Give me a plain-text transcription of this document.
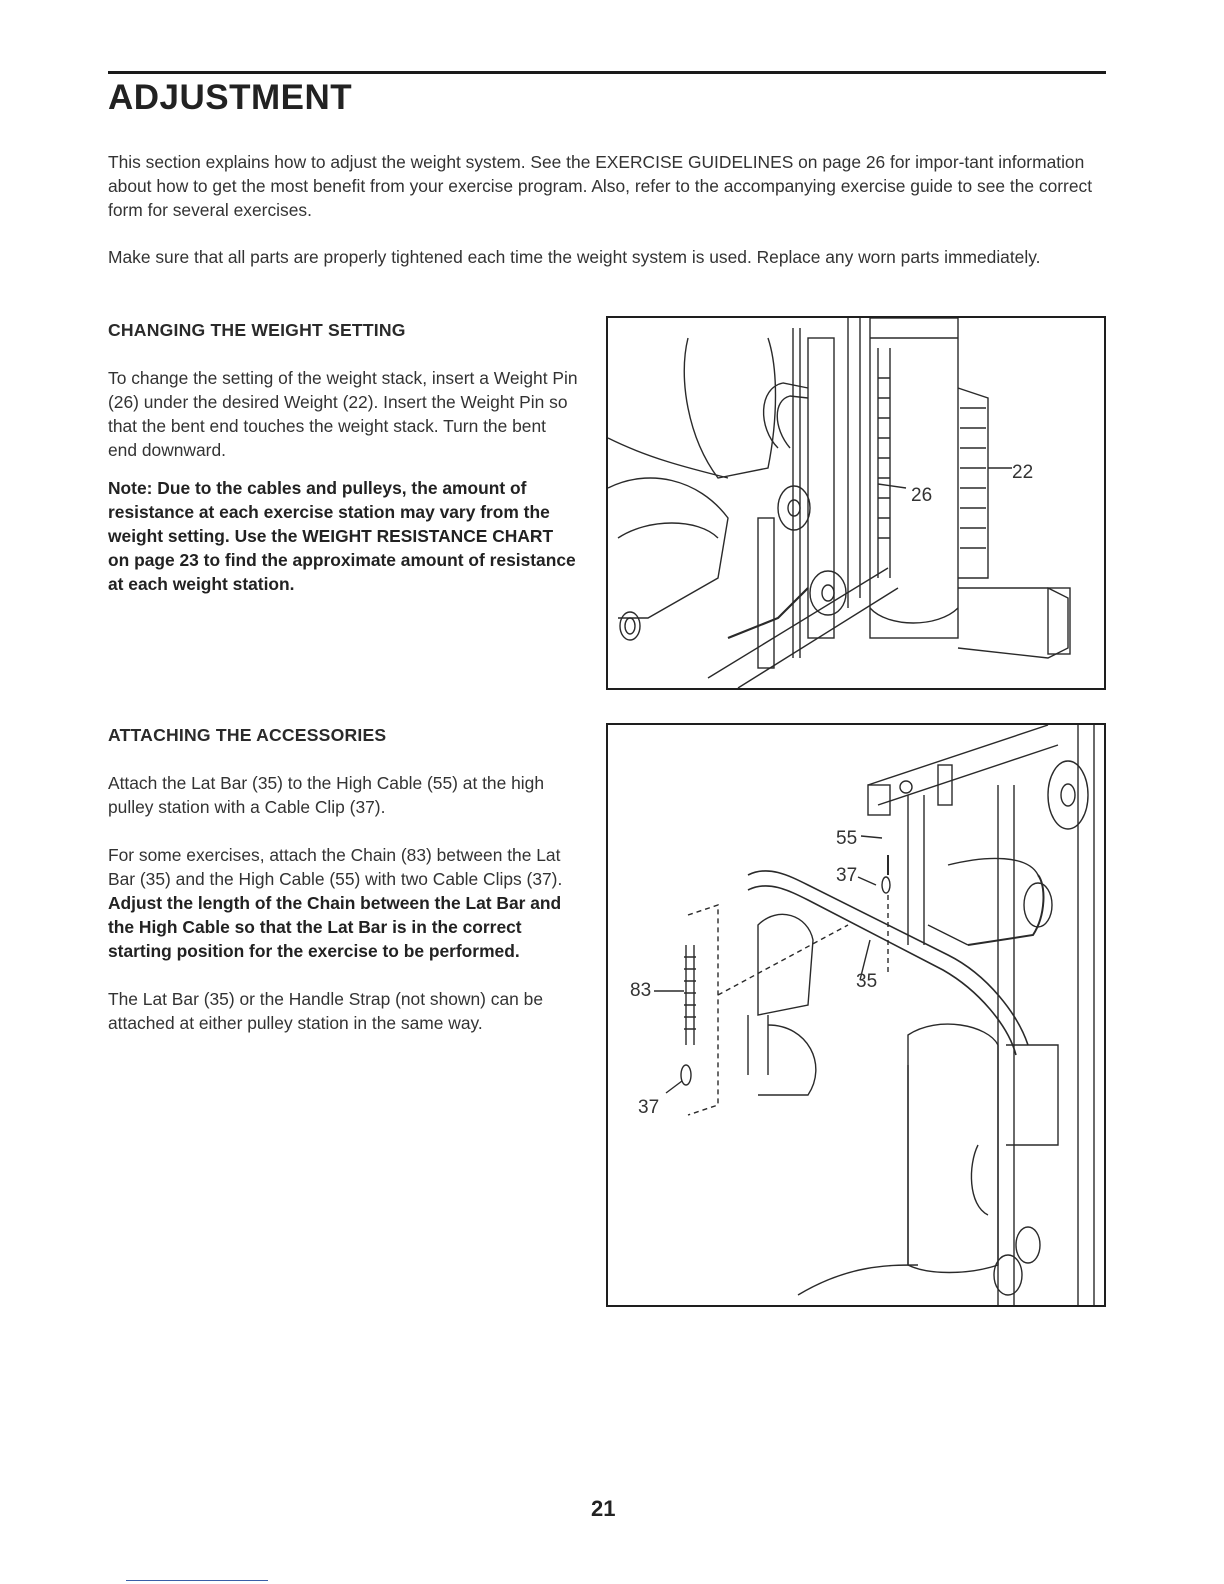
ADJUSTMENT

This section explains how to adjust the weight system. See the EXERCISE GUIDELINES on page 26 for impor-tant information about how to get the most benefit from your exercise program. Also, refer to the accompanying exercise guide to see the correct form for several exercises.

Make sure that all parts are properly tightened each time the weight system is used. Replace any worn parts immediately.

CHANGING THE WEIGHT SETTING

To change the setting of the weight stack, insert a Weight Pin (26) under the desired Weight (22). Insert the Weight Pin so that the bent end touches the weight stack. Turn the bent end downward.

Note: Due to the cables and pulleys, the amount of resistance at each exercise station may vary from the weight setting. Use the WEIGHT RESISTANCE CHART on page 23 to find the approximate amount of resistance at each weight station.

22
26

ATTACHING THE ACCESSORIES

Attach the Lat Bar (35) to the High Cable (55) at the high pulley station with a Cable Clip (37).

For some exercises, attach the Chain (83) between the Lat Bar (35) and the High Cable (55) with two Cable Clips (37). Adjust the length of the Chain between the Lat Bar and the High Cable so that the Lat Bar is in the correct starting position for the exercise to be performed.

The Lat Bar (35) or the Handle Strap (not shown) can be attached at either pulley station in the same way.

55
37
35
83
37
21
